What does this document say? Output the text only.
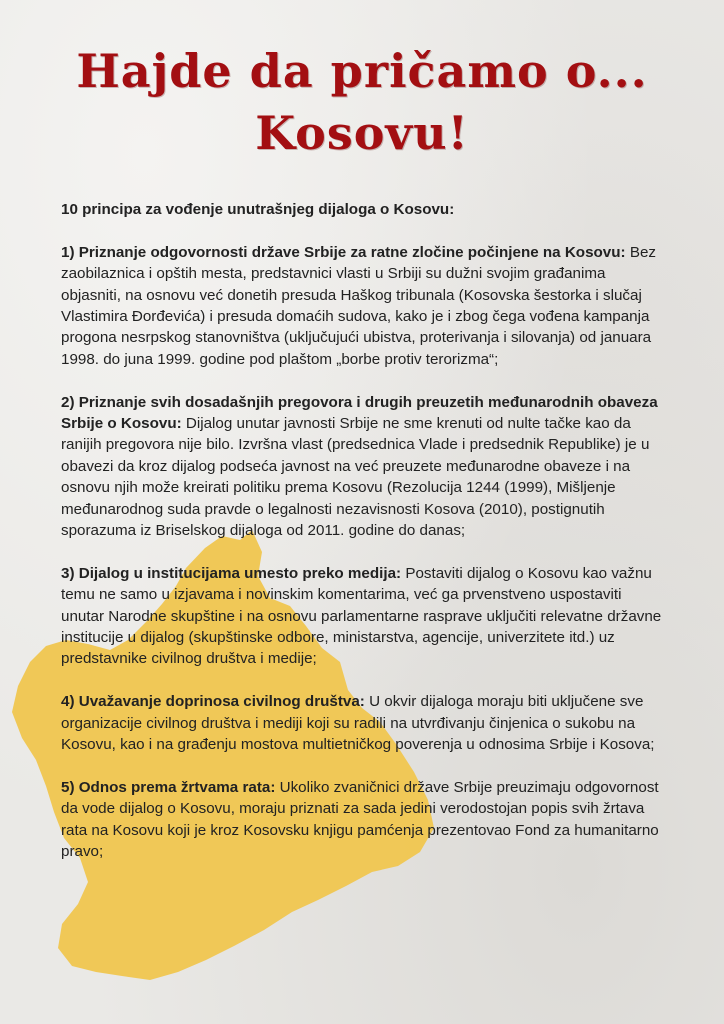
Hajde da pričamo o...
Kosovu!

10 principa za vođenje unutrašnjeg dijaloga o Kosovu:

1) Priznanje odgovornosti države Srbije za ratne zločine počinjene na Kosovu: Bez zaobilaznica i opštih mesta, predstavnici vlasti u Srbiji su dužni svojim građanima objasniti, na osnovu već donetih presuda Haškog tribunala (Kosovska šestorka i slučaj Vlastimira Đorđevića) i presuda domaćih sudova, kako je i zbog čega vođena kampanja progona nesrpskog stanovništva (uključujući ubistva, proterivanja i silovanja) od januara 1998. do juna 1999. godine pod plaštom „borbe protiv terorizma“;

2) Priznanje svih dosadašnjih pregovora i drugih preuzetih međunarodnih obaveza Srbije o Kosovu: Dijalog unutar javnosti Srbije ne sme krenuti od nulte tačke kao da ranijih pregovora nije bilo. Izvršna vlast (predsednica Vlade i predsednik Republike) je u obavezi da kroz dijalog podseća javnost na već preuzete međunarodne obaveze i na osnovu njih može kreirati politiku prema Kosovu (Rezolucija 1244 (1999), Mišljenje međunarodnog suda pravde o legalnosti nezavisnosti Kosova (2010), postignutih sporazuma iz Briselskog dijaloga od 2011. godine do danas;

3) Dijalog u institucijama umesto preko medija: Postaviti dijalog o Kosovu kao važnu temu ne samo u izjavama i novinskim komentarima, već ga prvenstveno uspostaviti unutar Narodne skupštine i na osnovu parlamentarne rasprave uključiti relevatne državne institucije u dijalog (skupštinske odbore, ministarstva, agencije, univerzitete itd.) uz predstavnike civilnog društva i medije;

4) Uvažavanje doprinosa civilnog društva: U okvir dijaloga moraju biti uključene sve organizacije civilnog društva i mediji koji su radili na utvrđivanju činjenica o sukobu na Kosovu, kao i na građenju mostova multietničkog poverenja u odnosima Srbije i Kosova;

5) Odnos prema žrtvama rata: Ukoliko zvaničnici države Srbije preuzimaju odgovornost da vode dijalog o Kosovu, moraju priznati za sada jedini verodostojan popis svih žrtava rata na Kosovu koji je kroz Kosovsku knjigu pamćenja prezentovao Fond za humanitarno pravo;
